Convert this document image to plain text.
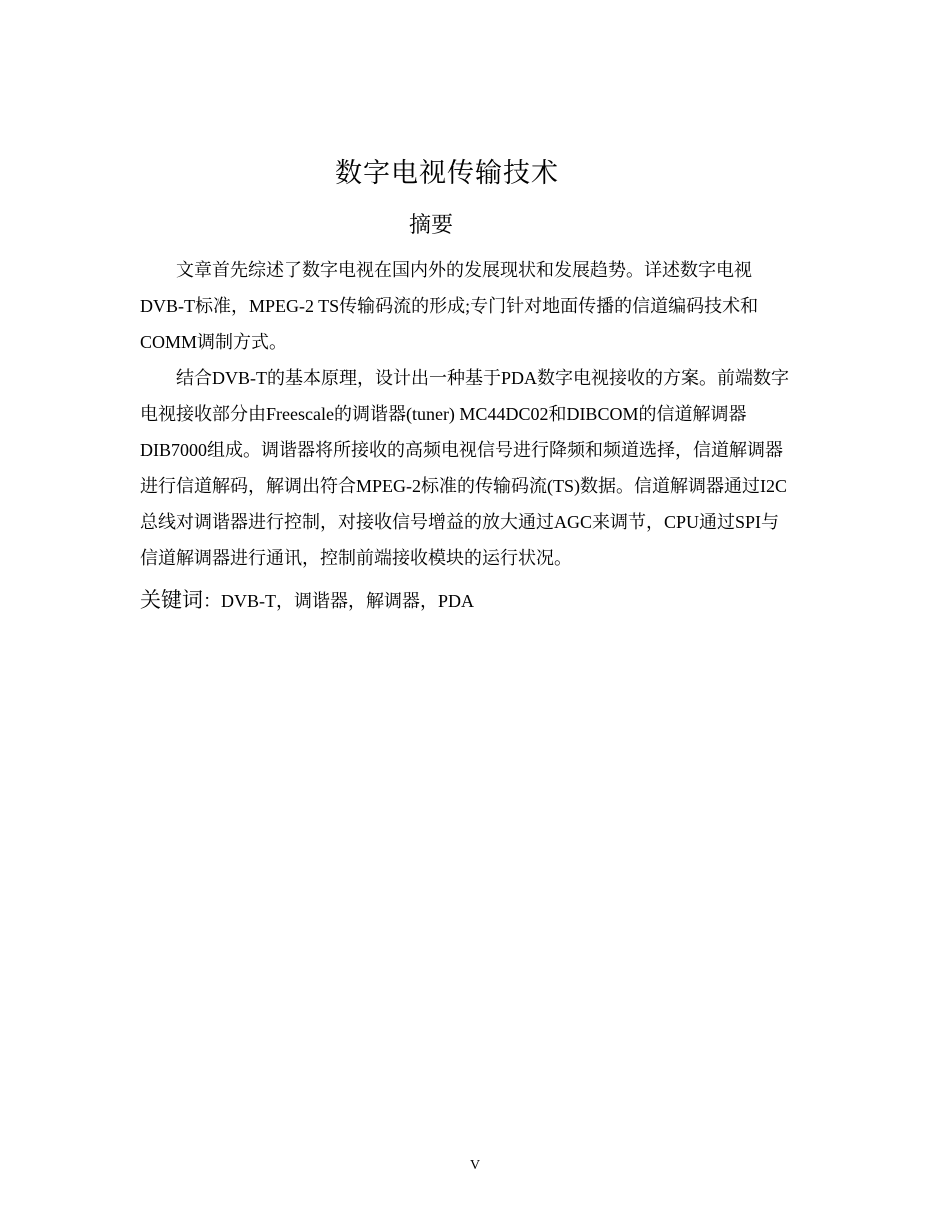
数字电视传输技术
摘要

文章首先综述了数字电视在国内外的发展现状和发展趋势。详述数字电视
DVB-T标准，MPEG-2 TS传输码流的形成;专门针对地面传播的信道编码技术和
COMM调制方式。

结合DVB-T的基本原理，设计出一种基于PDA数字电视接收的方案。前端数字
电视接收部分由Freescale的调谐器(tuner) MC44DC02和DIBCOM的信道解调器
DIB7000组成。调谐器将所接收的高频电视信号进行降频和频道选择，信道解调器
进行信道解码，解调出符合MPEG-2标准的传输码流(TS)数据。信道解调器通过I2C
总线对调谐器进行控制，对接收信号增益的放大通过AGC来调节，CPU通过SPI与
信道解调器进行通讯，控制前端接收模块的运行状况。

关键词：DVB-T，调谐器，解调器，PDA
V
